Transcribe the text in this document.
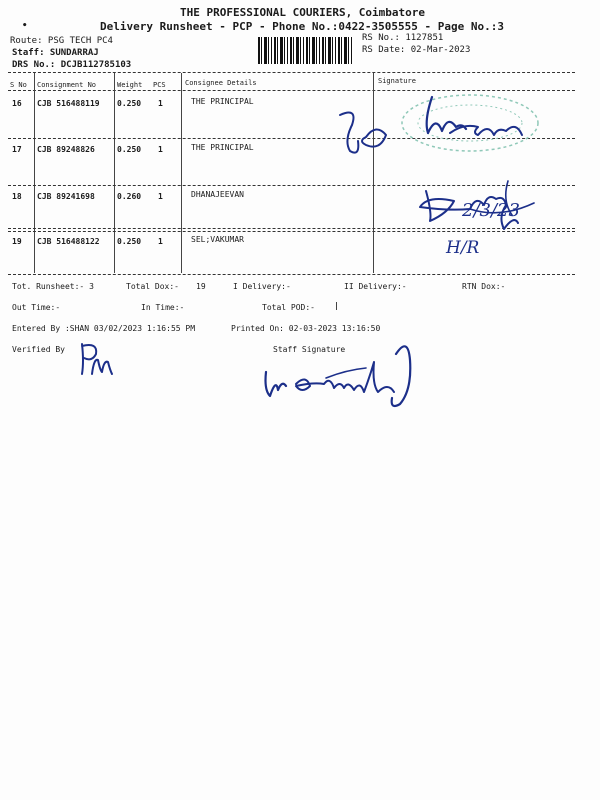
THE PROFESSIONAL COURIERS, Coimbatore
Delivery Runsheet - PCP - Phone No.:0422-3505555 - Page No.:3
•
Route: PSG TECH PC4
Staff: SUNDARRAJ
DRS No.: DCJB112785103
RS No.: 1127851
RS Date: 02-Mar-2023
S No Consignment No	Weight PCS	Consignee Details	Signature
16 CJB 516488119 0.250 1	THE PRINCIPAL
17 CJB 89248826	0.250 1	THE PRINCIPAL
18 CJB 89241698	0.260 1	DHANAJEEVAN
19 CJB 516488122 0.250 1	SEL;VAKUMAR
2/3/23
H/R
Tot. Runsheet:- 3	Total Dox:- 19	I Delivery:-	II Delivery:-	RTN Dox:-
Out Time:-	In Time:-	Total POD:-
Entered By :SHAN 03/02/2023 1:16:55 PM	Printed On: 02-03-2023 13:16:50
Verified By	Staff Signature
